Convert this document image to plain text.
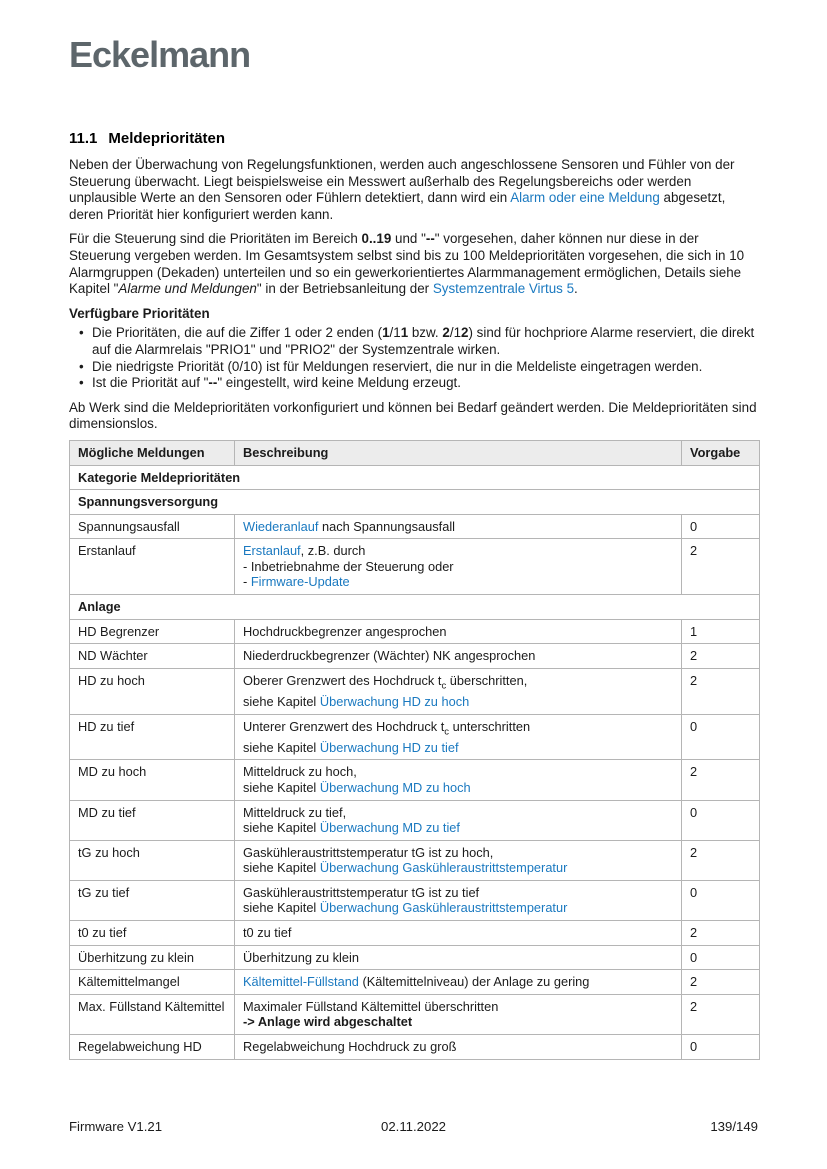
Eckelmann
11.1 Meldeprioritäten

Neben der Überwachung von Regelungsfunktionen, werden auch angeschlossene Sensoren und Fühler von der Steuerung überwacht. Liegt beispielsweise ein Messwert außerhalb des Regelungsbereichs oder werden unplausible Werte an den Sensoren oder Fühlern detektiert, dann wird ein Alarm oder eine Meldung abgesetzt, deren Priorität hier konfiguriert werden kann.

Für die Steuerung sind die Prioritäten im Bereich 0..19 und "--" vorgesehen, daher können nur diese in der Steuerung vergeben werden. Im Gesamtsystem selbst sind bis zu 100 Meldeprioritäten vorgesehen, die sich in 10 Alarmgruppen (Dekaden) unterteilen und so ein gewerkorientiertes Alarmmanagement ermöglichen, Details siehe Kapitel "Alarme und Meldungen" in der Betriebsanleitung der Systemzentrale Virtus 5.

Verfügbare Prioritäten
• Die Prioritäten, die auf die Ziffer 1 oder 2 enden (1/11 bzw. 2/12) sind für hochpriore Alarme reserviert, die direkt auf die Alarmrelais "PRIO1" und "PRIO2" der Systemzentrale wirken.
• Die niedrigste Priorität (0/10) ist für Meldungen reserviert, die nur in die Meldeliste eingetragen werden.
• Ist die Priorität auf "--" eingestellt, wird keine Meldung erzeugt.

Ab Werk sind die Meldeprioritäten vorkonfiguriert und können bei Bedarf geändert werden. Die Meldeprioritäten sind dimensionslos.

Mögliche Meldungen	Beschreibung	Vorgabe
Kategorie Meldeprioritäten		
Spannungsversorgung		
Spannungsausfall	Wiederanlauf nach Spannungsausfall	0
Erstanlauf	Erstanlauf, z.B. durch
- Inbetriebnahme der Steuerung oder
- Firmware-Update	2
Anlage		
HD Begrenzer	Hochdruckbegrenzer angesprochen	1
ND Wächter	Niederdruckbegrenzer (Wächter) NK angesprochen	2
HD zu hoch	Oberer Grenzwert des Hochdruck $t_c$ überschritten,
siehe Kapitel Überwachung HD zu hoch	2
HD zu tief	Unterer Grenzwert des Hochdruck $t_c$ unterschritten
siehe Kapitel Überwachung HD zu tief	0
MD zu hoch	Mitteldruck zu hoch,
siehe Kapitel Überwachung MD zu hoch	2
MD zu tief	Mitteldruck zu tief,
siehe Kapitel Überwachung MD zu tief	0
tG zu hoch	Gaskühleraustrittstemperatur tG ist zu hoch,
siehe Kapitel Überwachung Gaskühleraustrittstemperatur	2
tG zu tief	Gaskühleraustrittstemperatur tG ist zu tief
siehe Kapitel Überwachung Gaskühleraustrittstemperatur	0
t0 zu tief	t0 zu tief	2
Überhitzung zu klein	Überhitzung zu klein	0
Kältemittelmangel	Kältemittel-Füllstand (Kältemittelniveau) der Anlage zu gering	2
Max. Füllstand Kältemittel	Maximaler Füllstand Kältemittel überschritten
-> Anlage wird abgeschaltet	2
Regelabweichung HD	Regelabweichung Hochdruck zu groß	0
Firmware V1.21	02.11.2022	139/149
